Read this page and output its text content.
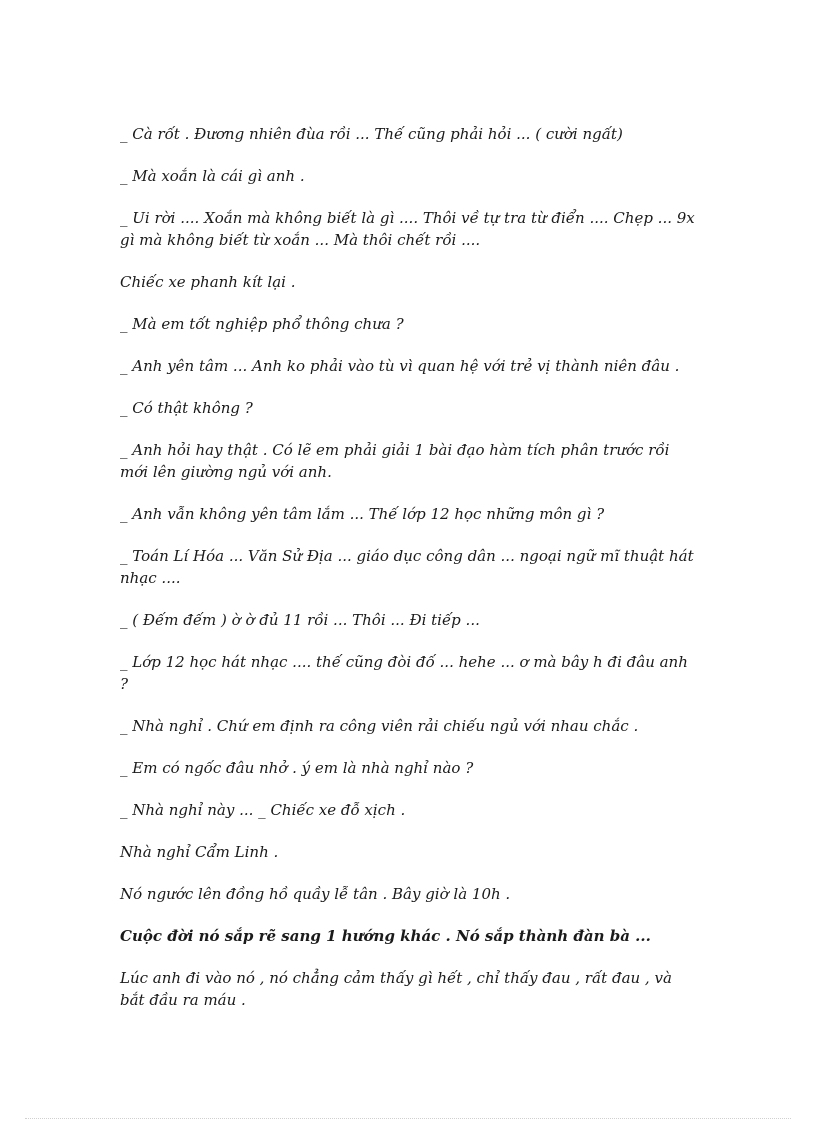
_ Cà rốt . Đương nhiên đùa rồi ... Thế cũng phải hỏi ... ( cười ngất)

_ Mà xoắn là cái gì anh .

_ Ui rời .... Xoắn mà không biết là gì .... Thôi về tự tra từ điển .... Chẹp ... 9x gì mà không biết từ xoắn ... Mà thôi chết rồi ....

Chiếc xe phanh kít lại .

_ Mà em tốt nghiệp phổ thông chưa ?

_ Anh yên tâm ... Anh ko phải vào tù vì quan hệ với trẻ vị thành niên đâu .

_ Có thật không ?

_ Anh hỏi hay thật . Có lẽ em phải giải 1 bài đạo hàm tích phân trước rồi mới lên giường ngủ với anh.

_ Anh vẫn không yên tâm lắm ... Thế lớp 12 học những môn gì ?

_ Toán Lí Hóa ... Văn Sử Địa ... giáo dục công dân ... ngoại ngữ mĩ thuật hát nhạc ....

_ ( Đếm đếm ) ờ ờ đủ 11 rồi ... Thôi ... Đi tiếp ...

_ Lớp 12 học hát nhạc .... thế cũng đòi đố ... hehe ... ơ mà bây h đi đâu anh ?

_ Nhà nghỉ . Chứ em định ra công viên rải chiếu ngủ với nhau chắc .

_ Em có ngốc đâu nhở . ý em là nhà nghỉ nào ?

_ Nhà nghỉ này ... _ Chiếc xe đỗ xịch .

Nhà nghỉ Cẩm Linh .

Nó ngước lên đồng hồ quầy lễ tân . Bây giờ là 10h .

Cuộc đời nó sắp rẽ sang 1 hướng khác . Nó sắp thành đàn bà ...

Lúc anh đi vào nó , nó chẳng cảm thấy gì hết , chỉ thấy đau , rất đau , và bắt đầu ra máu .
